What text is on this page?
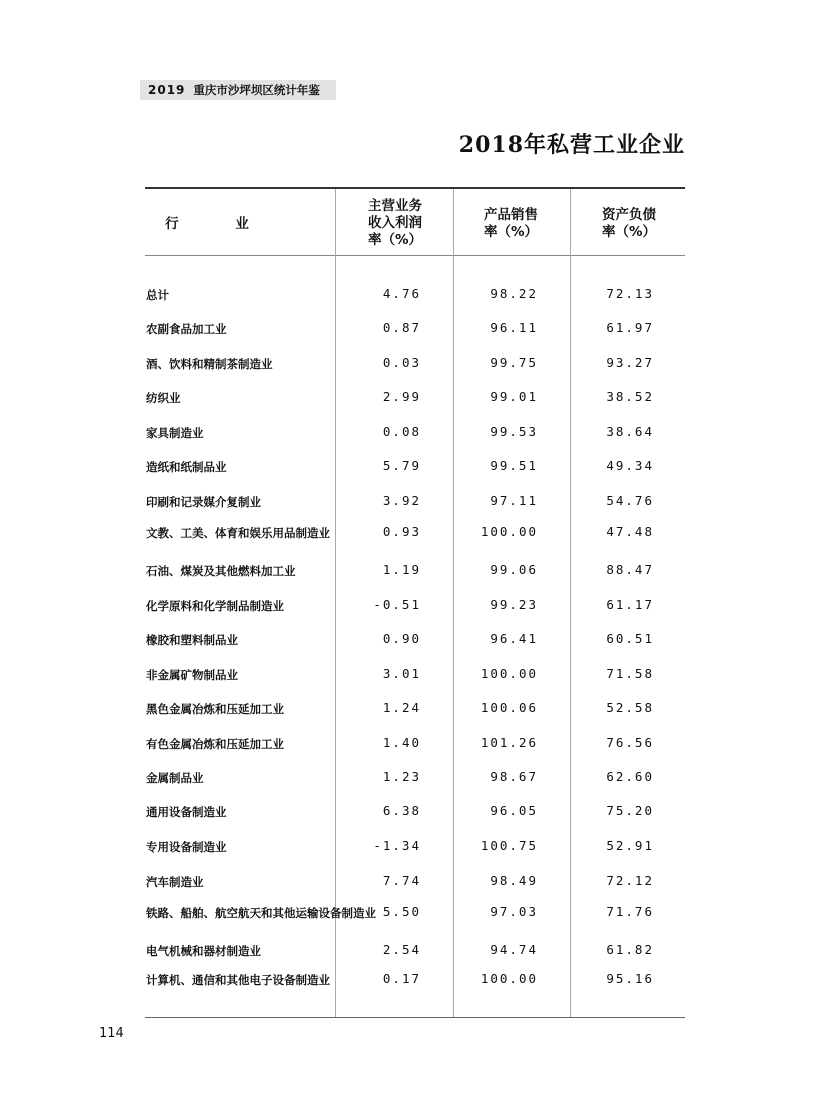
2019 重庆市沙坪坝区统计年鉴
2018年私营工业企业
行 业
主营业务
收入利润
率（%）
产品销售
率（%）
资产负债
率（%）
总计	4.76	98.22	72.13
农副食品加工业	0.87	96.11	61.97
酒、饮料和精制茶制造业	0.03	99.75	93.27
纺织业	2.99	99.01	38.52
家具制造业	0.08	99.53	38.64
造纸和纸制品业	5.79	99.51	49.34
印刷和记录媒介复制业	3.92	97.11	54.76
文教、工美、体育和娱乐用品制造业	0.93	100.00	47.48
石油、煤炭及其他燃料加工业	1.19	99.06	88.47
化学原料和化学制品制造业	-0.51	99.23	61.17
橡胶和塑料制品业	0.90	96.41	60.51
非金属矿物制品业	3.01	100.00	71.58
黑色金属冶炼和压延加工业	1.24	100.06	52.58
有色金属冶炼和压延加工业	1.40	101.26	76.56
金属制品业	1.23	98.67	62.60
通用设备制造业	6.38	96.05	75.20
专用设备制造业	-1.34	100.75	52.91
汽车制造业	7.74	98.49	72.12
铁路、船舶、航空航天和其他运输设备制造业 5.50	97.03	71.76
电气机械和器材制造业	2.54	94.74	61.82
计算机、通信和其他电子设备制造业	0.17	100.00	95.16
114
